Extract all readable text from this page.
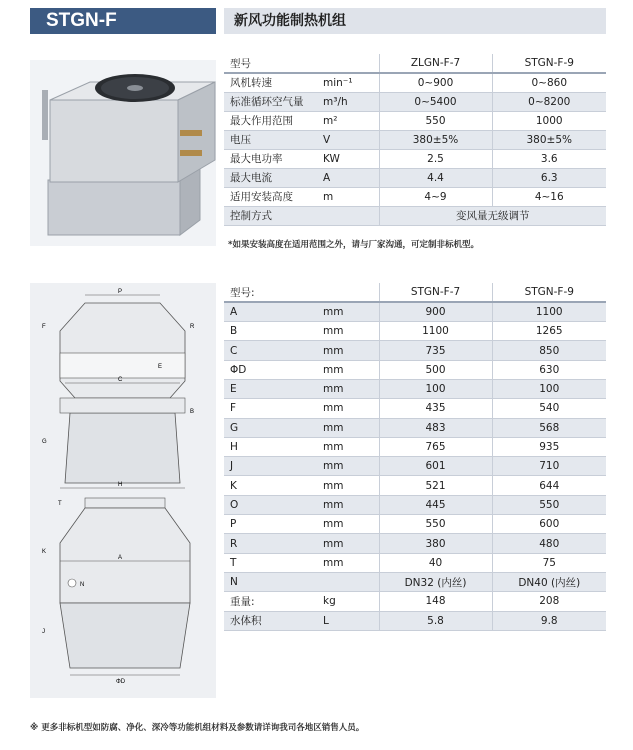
STGN-F	新风功能制热机组
P
C
H
F	R
E
B
G
T
A
N
ΦD
K
J
型号		ZLGN-F-7	STGN-F-9
风机转速	min⁻¹	0~900	0~860
标准循环空气量	m³/h	0~5400	0~8200
最大作用范围	m²	550	1000
电压	V	380±5%	380±5%
最大电功率	KW	2.5	3.6
最大电流	A	4.4	6.3
适用安装高度	m	4~9	4~16
控制方式		变风量无级调节	
*如果安装高度在适用范围之外，请与厂家沟通，可定制非标机型。
型号:		STGN-F-7	STGN-F-9
A	mm	900	1100
B	mm	1100	1265
C	mm	735	850
ΦD	mm	500	630
E	mm	100	100
F	mm	435	540
G	mm	483	568
H	mm	765	935
J	mm	601	710
K	mm	521	644
O	mm	445	550
P	mm	550	600
R	mm	380	480
T	mm	40	75
N		DN32 (内丝)	DN40 (内丝)
重量:	kg	148	208
水体积	L	5.8	9.8
※ 更多非标机型如防腐、净化、深冷等功能机组材料及参数请详询我司各地区销售人员。
